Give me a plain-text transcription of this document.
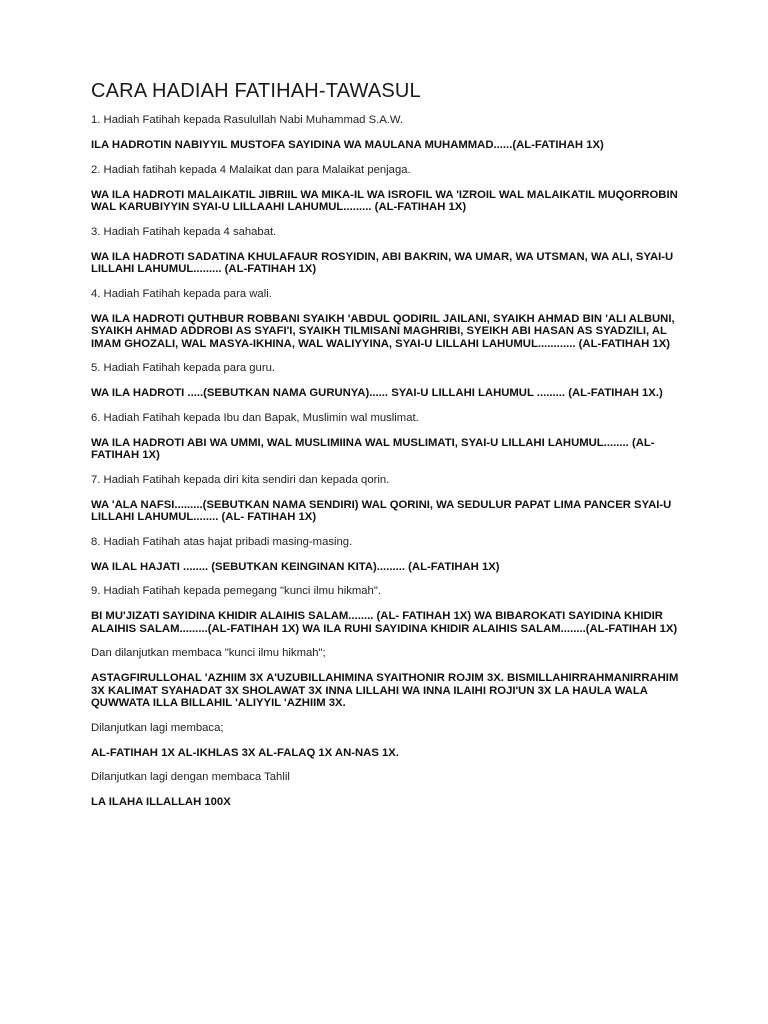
CARA HADIAH FATIHAH-TAWASUL

1. Hadiah Fatihah kepada Rasulullah Nabi Muhammad S.A.W.

ILA HADROTIN NABIYYIL MUSTOFA SAYIDINA WA MAULANA MUHAMMAD......(AL-FATIHAH 1X)

2. Hadiah fatihah kepada 4 Malaikat dan para Malaikat penjaga.

WA ILA HADROTI MALAIKATIL JIBRIIL WA MIKA-IL WA ISROFIL WA 'IZROIL WAL MALAIKATIL MUQORROBIN WAL KARUBIYYIN SYAI-U LILLAAHI LAHUMUL......... (AL-FATIHAH 1X)

3. Hadiah Fatihah kepada 4 sahabat.

WA ILA HADROTI SADATINA KHULAFAUR ROSYIDIN, ABI BAKRIN, WA UMAR, WA UTSMAN, WA ALI, SYAI-U LILLAHI LAHUMUL......... (AL-FATIHAH 1X)

4. Hadiah Fatihah kepada para wali.

WA ILA HADROTI QUTHBUR ROBBANI SYAIKH 'ABDUL QODIRIL JAILANI, SYAIKH AHMAD BIN 'ALI ALBUNI, SYAIKH AHMAD ADDROBI AS SYAFI'I, SYAIKH TILMISANI MAGHRIBI, SYEIKH ABI HASAN AS SYADZILI, AL IMAM GHOZALI, WAL MASYA-IKHINA, WAL WALIYYINA, SYAI-U LILLAHI LAHUMUL............ (AL-FATIHAH 1X)

5. Hadiah Fatihah kepada para guru.

WA ILA HADROTI .....(SEBUTKAN NAMA GURUNYA)...... SYAI-U LILLAHI LAHUMUL ......... (AL-FATIHAH 1X.)

6. Hadiah Fatihah kepada Ibu dan Bapak, Muslimin wal muslimat.

WA ILA HADROTI ABI WA UMMI, WAL MUSLIMIINA WAL MUSLIMATI, SYAI-U LILLAHI LAHUMUL........ (AL-FATIHAH 1X)

7. Hadiah Fatihah kepada diri kita sendiri dan kepada qorin.

WA 'ALA NAFSI.........(SEBUTKAN NAMA SENDIRI) WAL QORINI, WA SEDULUR PAPAT LIMA PANCER SYAI-U LILLAHI LAHUMUL........ (AL- FATIHAH 1X)

8. Hadiah Fatihah atas hajat pribadi masing-masing.

WA ILAL HAJATI ........ (SEBUTKAN KEINGINAN KITA)......... (AL-FATIHAH 1X)

9. Hadiah Fatihah kepada pemegang "kunci ilmu hikmah".

BI MU'JIZATI SAYIDINA KHIDIR ALAIHIS SALAM........ (AL- FATIHAH 1X) WA BIBAROKATI SAYIDINA KHIDIR ALAIHIS SALAM.........(AL-FATIHAH 1X) WA ILA RUHI SAYIDINA KHIDIR ALAIHIS SALAM........(AL-FATIHAH 1X)

Dan dilanjutkan membaca "kunci ilmu hikmah";

ASTAGFIRULLOHAL 'AZHIIM 3X A'UZUBILLAHIMINA SYAITHONIR ROJIM 3X. BISMILLAHIRRAHMANIRRAHIM 3X KALIMAT SYAHADAT 3X SHOLAWAT 3X INNA LILLAHI WA INNA ILAIHI ROJI'UN 3X LA HAULA WALA QUWWATA ILLA BILLAHIL 'ALIYYIL 'AZHIIM 3X.

Dilanjutkan lagi membaca;

AL-FATIHAH 1X AL-IKHLAS 3X AL-FALAQ 1X AN-NAS 1X.

Dilanjutkan lagi dengan membaca Tahlil

LA ILAHA ILLALLAH 100X
